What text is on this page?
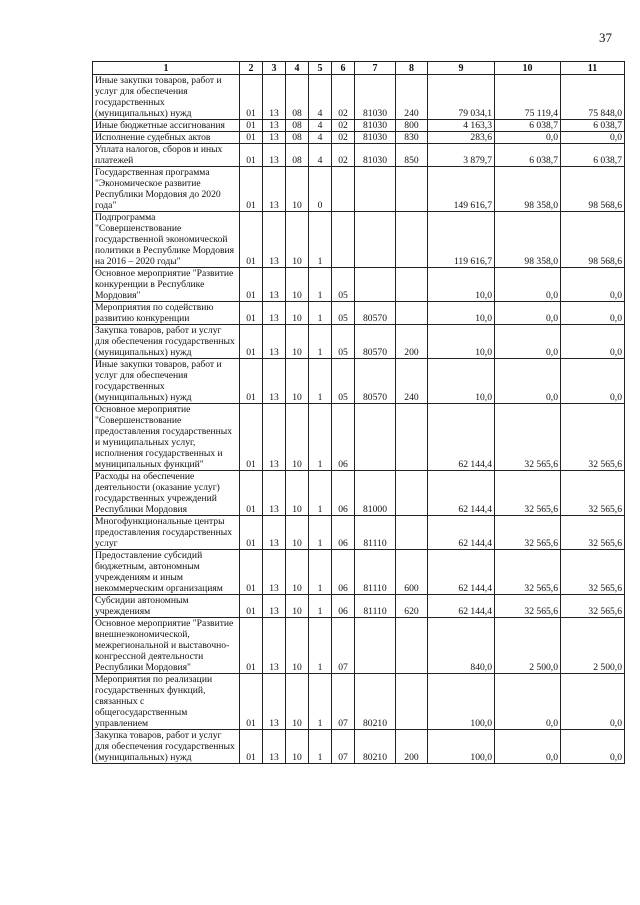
37
1	2	3	4	5	6	7	8	9	10	11
Иные закупки товаров, работ и услуг для обеспечения государственных (муниципальных) нужд	01	13	08	4	02	81030	240	79 034,1	75 119,4	75 848,0
Иные бюджетные ассигнования	01	13	08	4	02	81030	800	4 163,3	6 038,7	6 038,7
Исполнение судебных актов	01	13	08	4	02	81030	830	283,6	0,0	0,0
Уплата налогов, сборов и иных платежей	01	13	08	4	02	81030	850	3 879,7	6 038,7	6 038,7
Государственная программа "Экономическое развитие Республики Мордовия до 2020 года"	01	13	10	0				149 616,7	98 358,0	98 568,6
Подпрограмма "Совершенствование государственной экономической политики в Республике Мордовия на 2016 – 2020 годы"	01	13	10	1				119 616,7	98 358,0	98 568,6
Основное мероприятие "Развитие конкуренции в Республике Мордовия"	01	13	10	1	05			10,0	0,0	0,0
Мероприятия по содействию развитию конкуренции	01	13	10	1	05	80570		10,0	0,0	0,0
Закупка товаров, работ и услуг для обеспечения государственных (муниципальных) нужд	01	13	10	1	05	80570	200	10,0	0,0	0,0
Иные закупки товаров, работ и услуг для обеспечения государственных (муниципальных) нужд	01	13	10	1	05	80570	240	10,0	0,0	0,0
Основное мероприятие "Совершенствование предоставления государственных и муниципальных услуг, исполнения государственных и муниципальных функций"	01	13	10	1	06			62 144,4	32 565,6	32 565,6
Расходы на обеспечение деятельности (оказание услуг) государственных учреждений Республики Мордовия	01	13	10	1	06	81000		62 144,4	32 565,6	32 565,6
Многофункциональные центры предоставления государственных услуг	01	13	10	1	06	81110		62 144,4	32 565,6	32 565,6
Предоставление субсидий бюджетным, автономным учреждениям и иным некоммерческим организациям	01	13	10	1	06	81110	600	62 144,4	32 565,6	32 565,6
Субсидии автономным учреждениям	01	13	10	1	06	81110	620	62 144,4	32 565,6	32 565,6
Основное мероприятие "Развитие внешнеэкономической, межрегиональной и выставочно-конгрессной деятельности Республики Мордовия"	01	13	10	1	07			840,0	2 500,0	2 500,0
Мероприятия по реализации государственных функций, связанных с общегосударственным управлением	01	13	10	1	07	80210		100,0	0,0	0,0
Закупка товаров, работ и услуг для обеспечения государственных (муниципальных) нужд	01	13	10	1	07	80210	200	100,0	0,0	0,0
